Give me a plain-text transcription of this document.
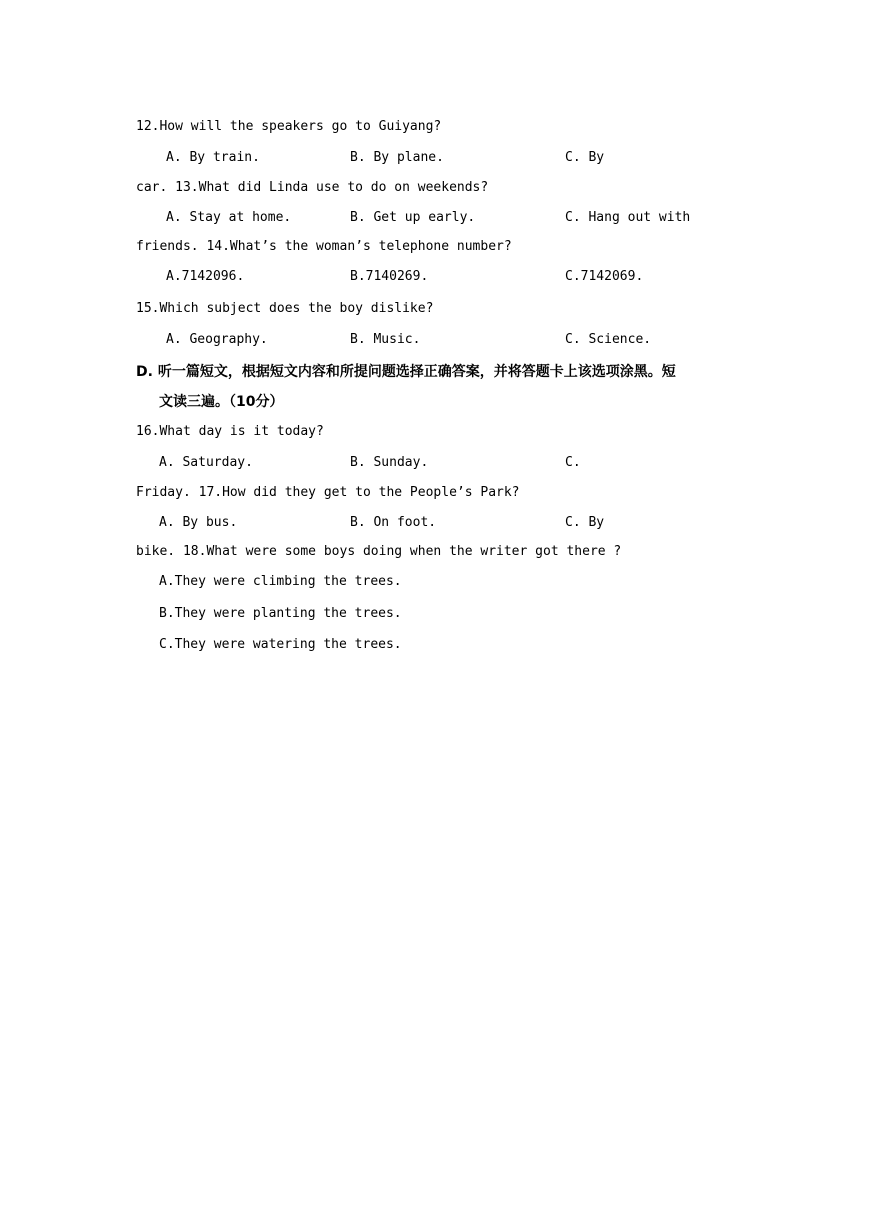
12.How will the speakers go to Guiyang?
A. By train.	B. By plane.	C. By
car. 13.What did Linda use to do on weekends?
A. Stay at home.	B. Get up early.	C. Hang out with
friends. 14.What’s the woman’s telephone number?
A.7142096.	B.7140269.	C.7142069.
15.Which subject does the boy dislike?
A. Geography.	B. Music.	C. Science.
D. 听一篇短文，根据短文内容和所提问题选择正确答案，并将答题卡上该选项涂黑。短
文读三遍。（10分）
16.What day is it today?
A. Saturday.	B. Sunday.	C.
Friday. 17.How did they get to the People’s Park?
A. By bus.	B. On foot.	C. By
bike. 18.What were some boys doing when the writer got there ?
A.They were climbing the trees.
B.They were planting the trees.
C.They were watering the trees.
